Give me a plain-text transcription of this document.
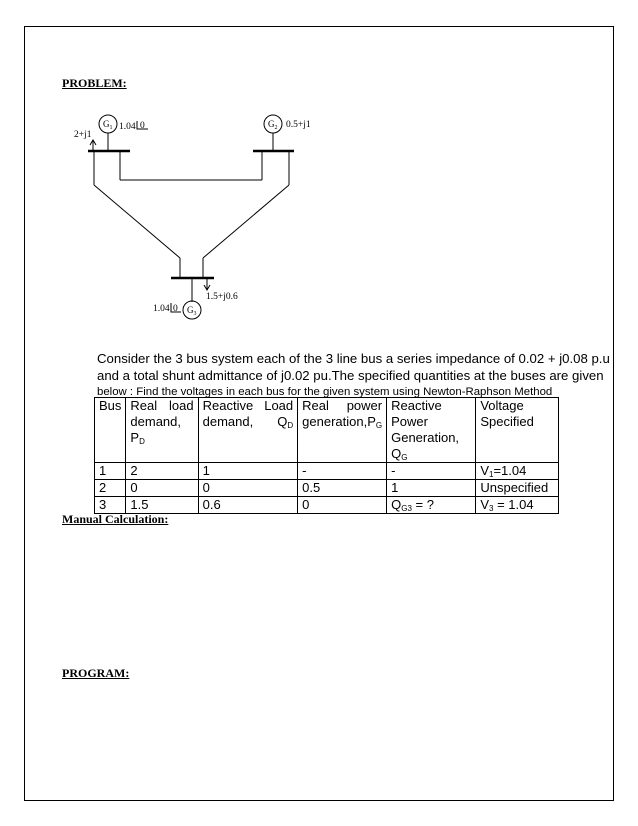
PROBLEM:
$G_1$	$G_2$
$G_3$
1.04 0
2+j1
0.5+j1
1.04 0
1.5+j0.6
Consider the 3 bus system each of the 3 line bus a series impedance of 0.02 + j0.08 p.u
and a total shunt admittance of j0.02 pu.The specified quantities at the buses are given
below : Find the voltages in each bus for the given system using Newton-Raphson Method
Bus	Real load demand, $P_D$	Reactive Load demand, $Q_D$	Real power $generation,P_G$	Reactive Power Generation, $Q_G$	Voltage Specified
1	2	1	-	-	$V_1=1.04$
2	0	0	0.5	1	Unspecified
3	1.5	0.6	0	$Q_{G3}$ = ?	$V_3 = 1.04$
Manual Calculation:
PROGRAM:
